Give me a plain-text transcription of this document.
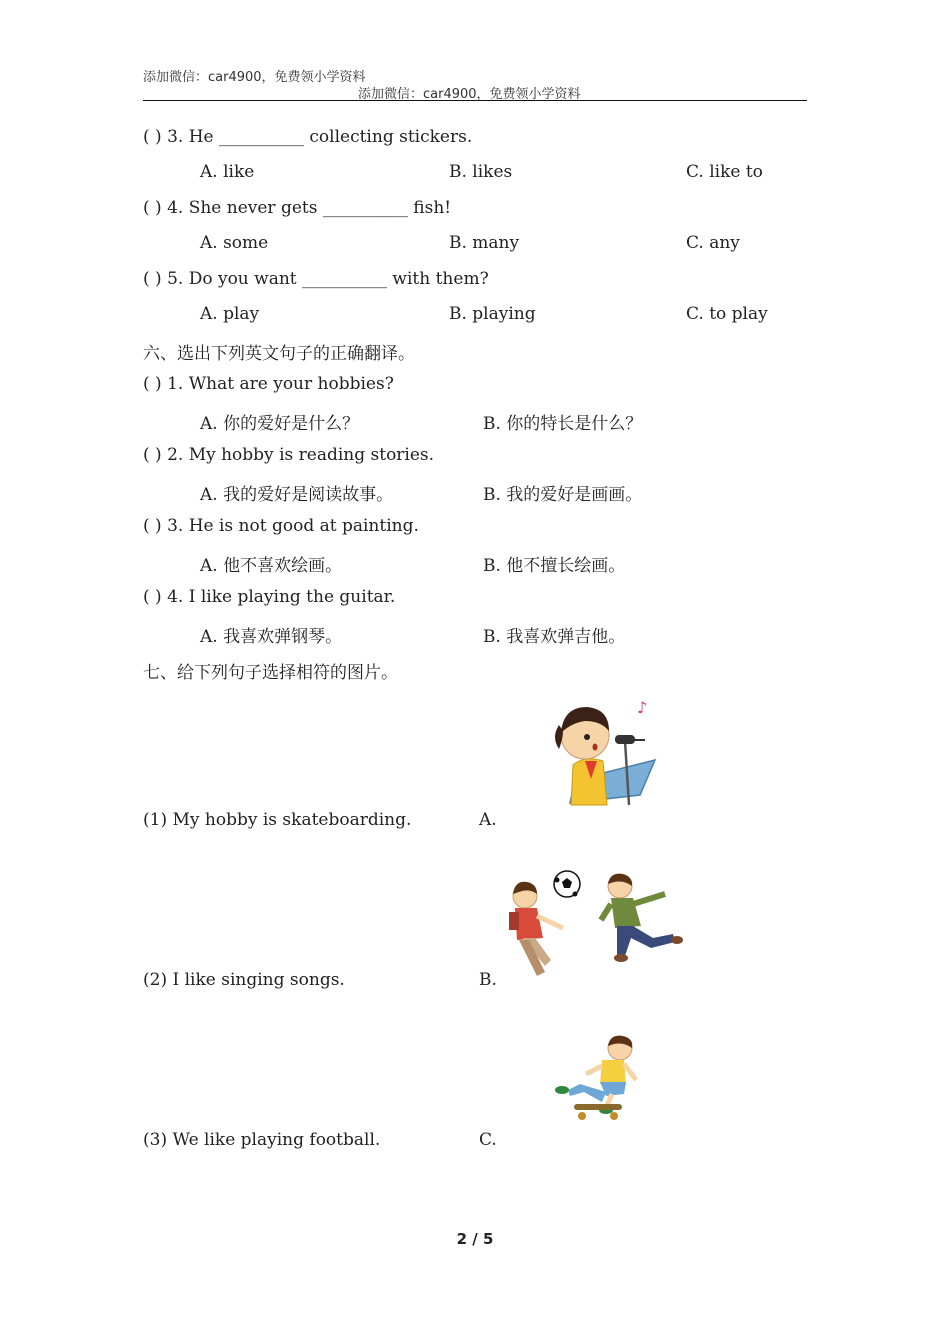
添加微信：car4900，免费领小学资料
添加微信：car4900，免费领小学资料
( ) 3. He __________ collecting stickers.
A. like	B. likes	C. like to
( ) 4. She never gets __________ fish!
A. some	B. many	C. any
( ) 5. Do you want __________ with them?
A. play	B. playing	C. to play
六、选出下列英文句子的正确翻译。
( ) 1. What are your hobbies?
A. 你的爱好是什么？	B. 你的特长是什么？
( ) 2. My hobby is reading stories.
A. 我的爱好是阅读故事。	B. 我的爱好是画画。
( ) 3. He is not good at painting.
A. 他不喜欢绘画。	B. 他不擅长绘画。
( ) 4. I like playing the guitar.
A. 我喜欢弹钢琴。	B. 我喜欢弹吉他。
七、给下列句子选择相符的图片。
♪
(1) My hobby is skateboarding.	A.
(2) I like singing songs.	B.
(3) We like playing football.	C.
2 / 5
